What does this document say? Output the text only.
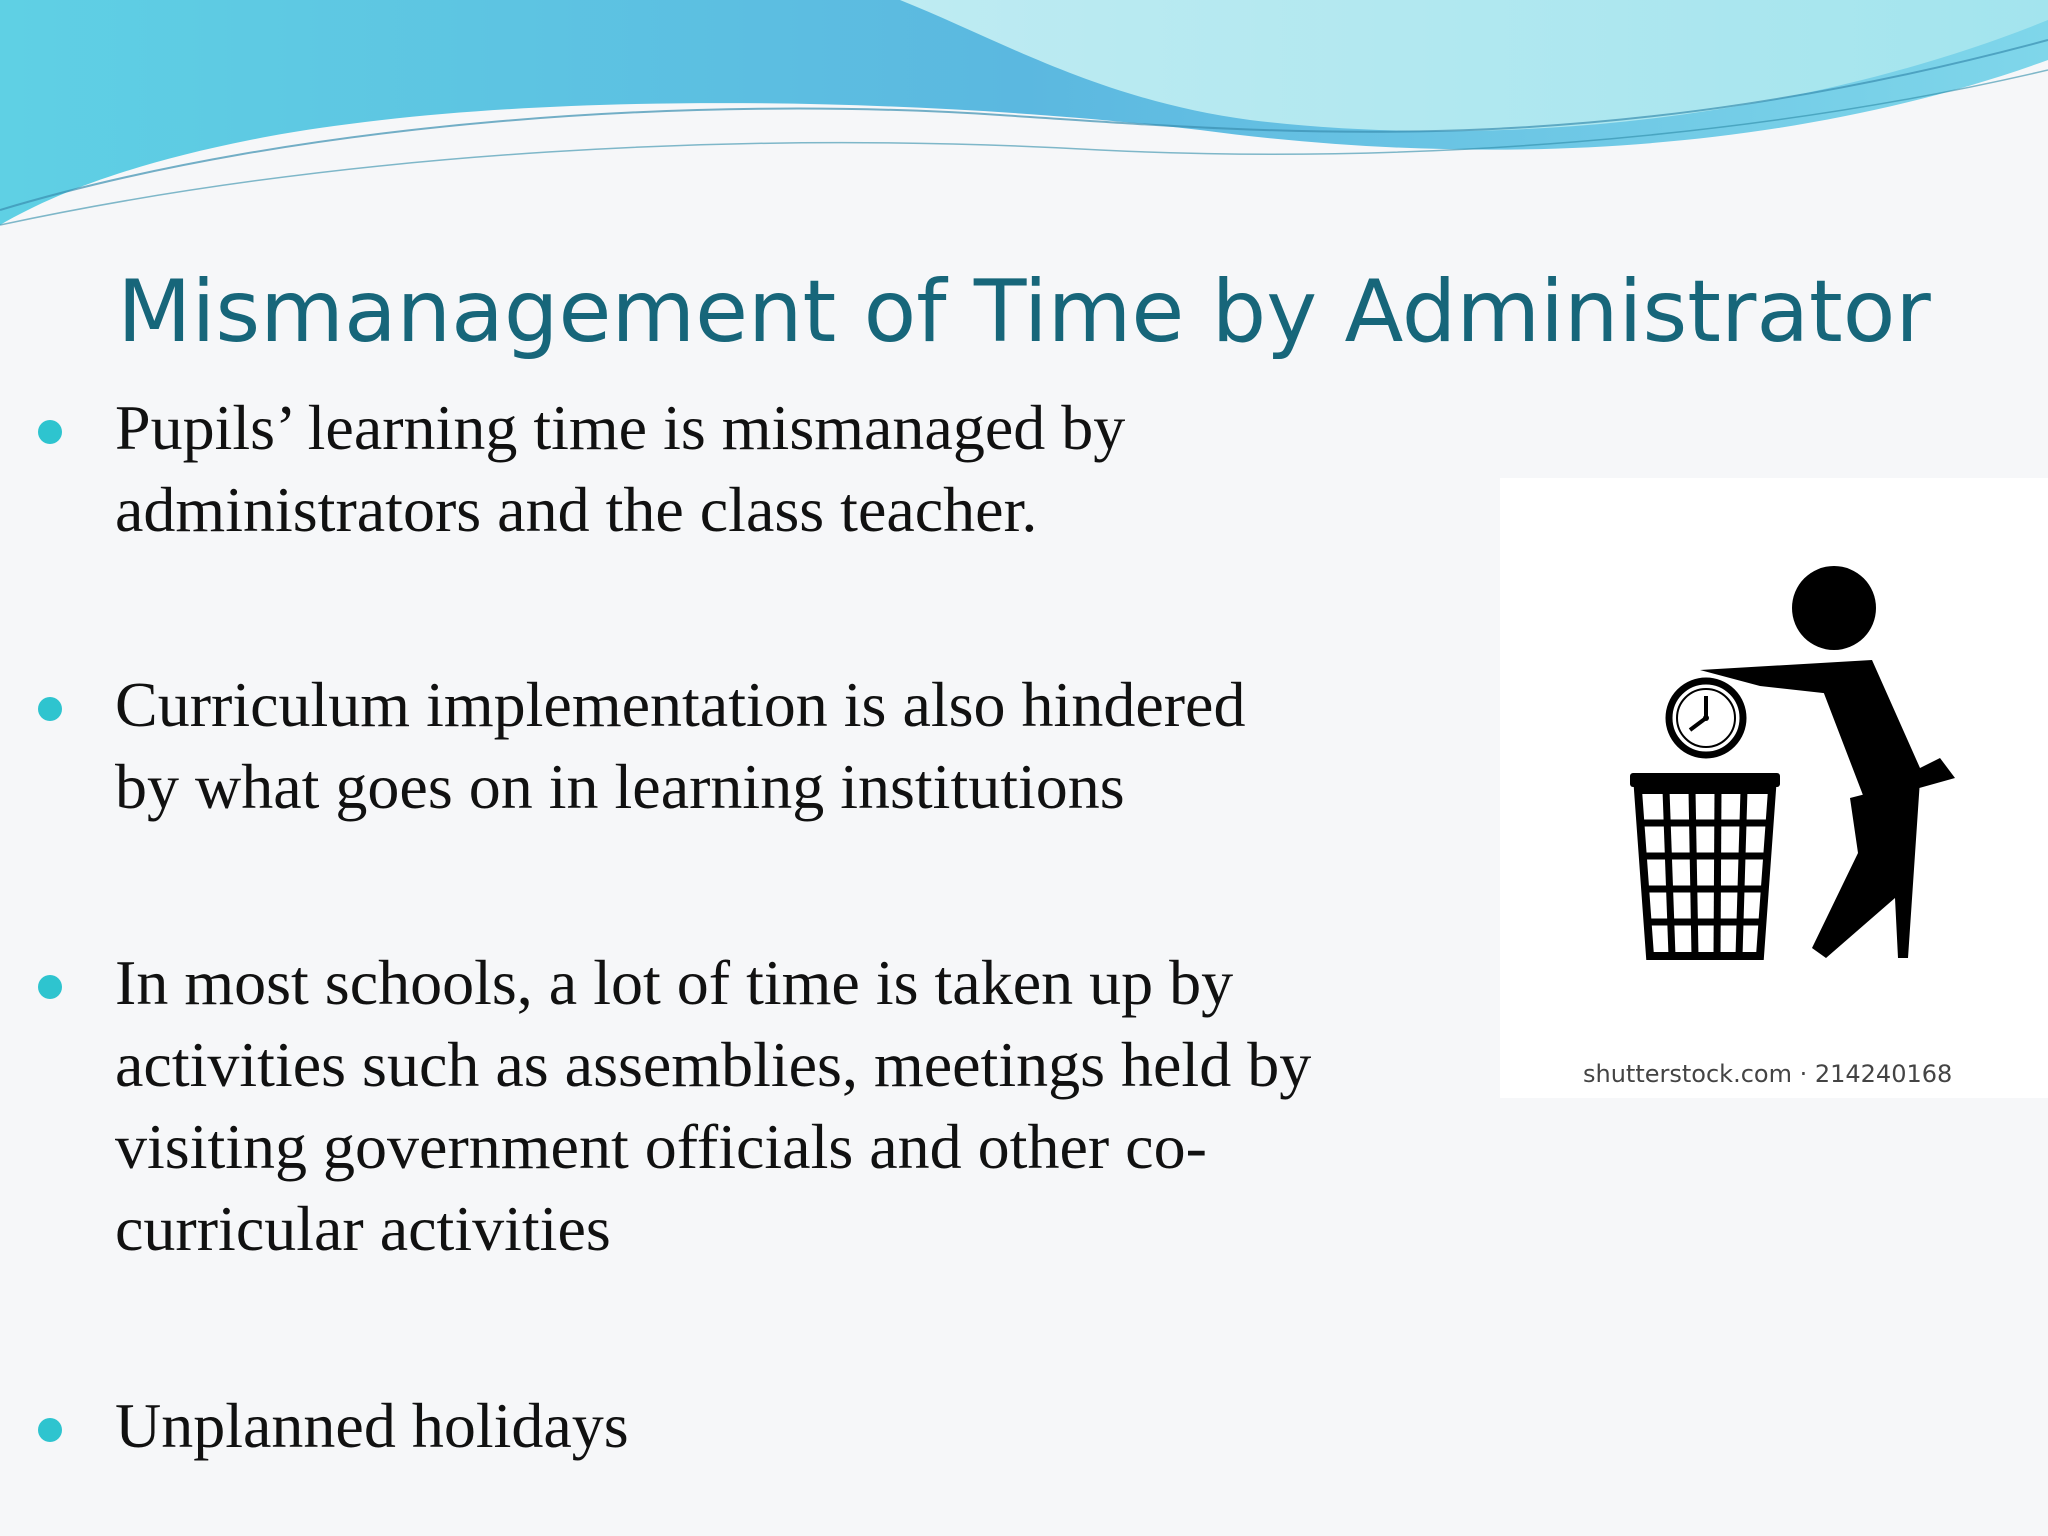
Mismanagement of Time by Administrator
Pupils’ learning time is mismanaged by
administrators and the class teacher.
Curriculum implementation is also hindered
by what goes on in learning institutions
In most schools, a lot of time is taken up by
activities such as assemblies, meetings held by
visiting government officials and other co-
curricular activities
Unplanned holidays
shutterstock.com · 214240168
